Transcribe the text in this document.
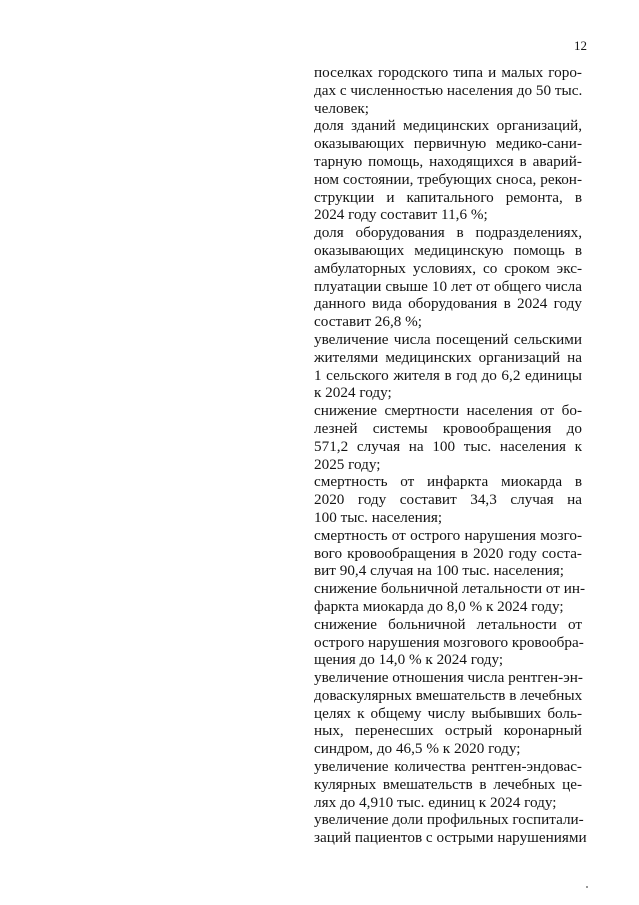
12
поселках городского типа и малых горо-
дах с численностью населения до 50 тыс.
человек;
доля зданий медицинских организаций,
оказывающих первичную медико-сани-
тарную помощь, находящихся в аварий-
ном состоянии, требующих сноса, рекон-
струкции и капитального ремонта, в
2024 году составит 11,6 %;
доля оборудования в подразделениях,
оказывающих медицинскую помощь в
амбулаторных условиях, со сроком экс-
плуатации свыше 10 лет от общего числа
данного вида оборудования в 2024 году
составит 26,8 %;
увеличение числа посещений сельскими
жителями медицинских организаций на
1 сельского жителя в год до 6,2 единицы
к 2024 году;
снижение смертности населения от бо-
лезней системы кровообращения до
571,2 случая на 100 тыс. населения к
2025 году;
смертность от инфаркта миокарда в
2020 году составит 34,3 случая на
100 тыс. населения;
смертность от острого нарушения мозго-
вого кровообращения в 2020 году соста-
вит 90,4 случая на 100 тыс. населения;
снижение больничной летальности от ин-
фаркта миокарда до 8,0 % к 2024 году;
снижение больничной летальности от
острого нарушения мозгового кровообра-
щения до 14,0 % к 2024 году;
увеличение отношения числа рентген-эн-
доваскулярных вмешательств в лечебных
целях к общему числу выбывших боль-
ных, перенесших острый коронарный
синдром, до 46,5 % к 2020 году;
увеличение количества рентген-эндовас-
кулярных вмешательств в лечебных це-
лях до 4,910 тыс. единиц к 2024 году;
увеличение доли профильных госпитали-
заций пациентов с острыми нарушениями
